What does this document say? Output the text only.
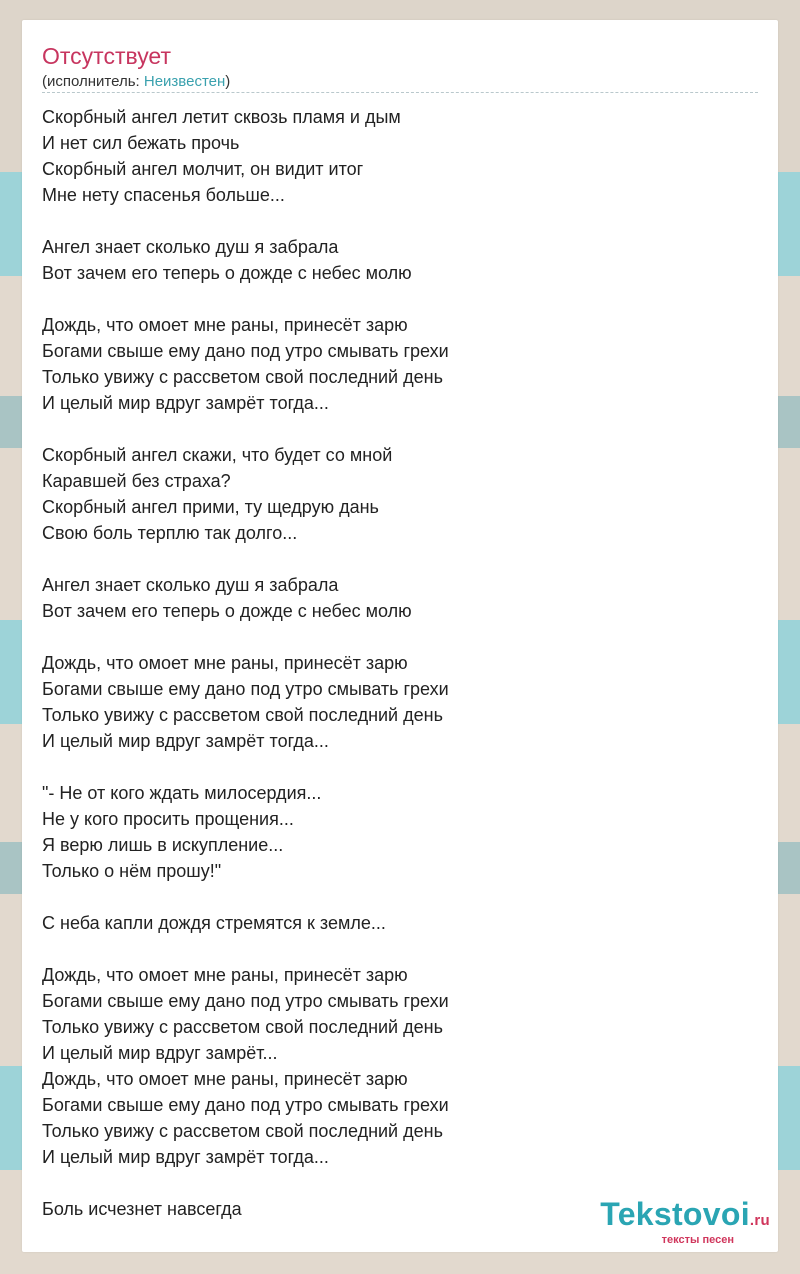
Отсутствует
(исполнитель: Неизвестен)
Скорбный ангел летит сквозь пламя и дым
И нет сил бежать прочь
Скорбный ангел молчит, он видит итог
Мне нету спасенья больше...
Ангел знает сколько душ я забрала
Вот зачем его теперь о дожде с небес молю
Дождь, что омоет мне раны, принесёт зарю
Богами свыше ему дано под утро смывать грехи
Только увижу с рассветом свой последний день
И целый мир вдруг замрёт тогда...
Скорбный ангел скажи, что будет со мной
Каравшей без страха?
Скорбный ангел прими, ту щедрую дань
Свою боль терплю так долго...
Ангел знает сколько душ я забрала
Вот зачем его теперь о дожде с небес молю
Дождь, что омоет мне раны, принесёт зарю
Богами свыше ему дано под утро смывать грехи
Только увижу с рассветом свой последний день
И целый мир вдруг замрёт тогда...
"- Не от кого ждать милосердия...
Не у кого просить прощения...
Я верю лишь в искупление...
Только о нём прошу!"
С неба капли дождя стремятся к земле...
Дождь, что омоет мне раны, принесёт зарю
Богами свыше ему дано под утро смывать грехи
Только увижу с рассветом свой последний день
И целый мир вдруг замрёт...
Дождь, что омоет мне раны, принесёт зарю
Богами свыше ему дано под утро смывать грехи
Только увижу с рассветом свой последний день
И целый мир вдруг замрёт тогда...
Боль исчезнет навсегда	Tekstovoi.ru
тексты песен
